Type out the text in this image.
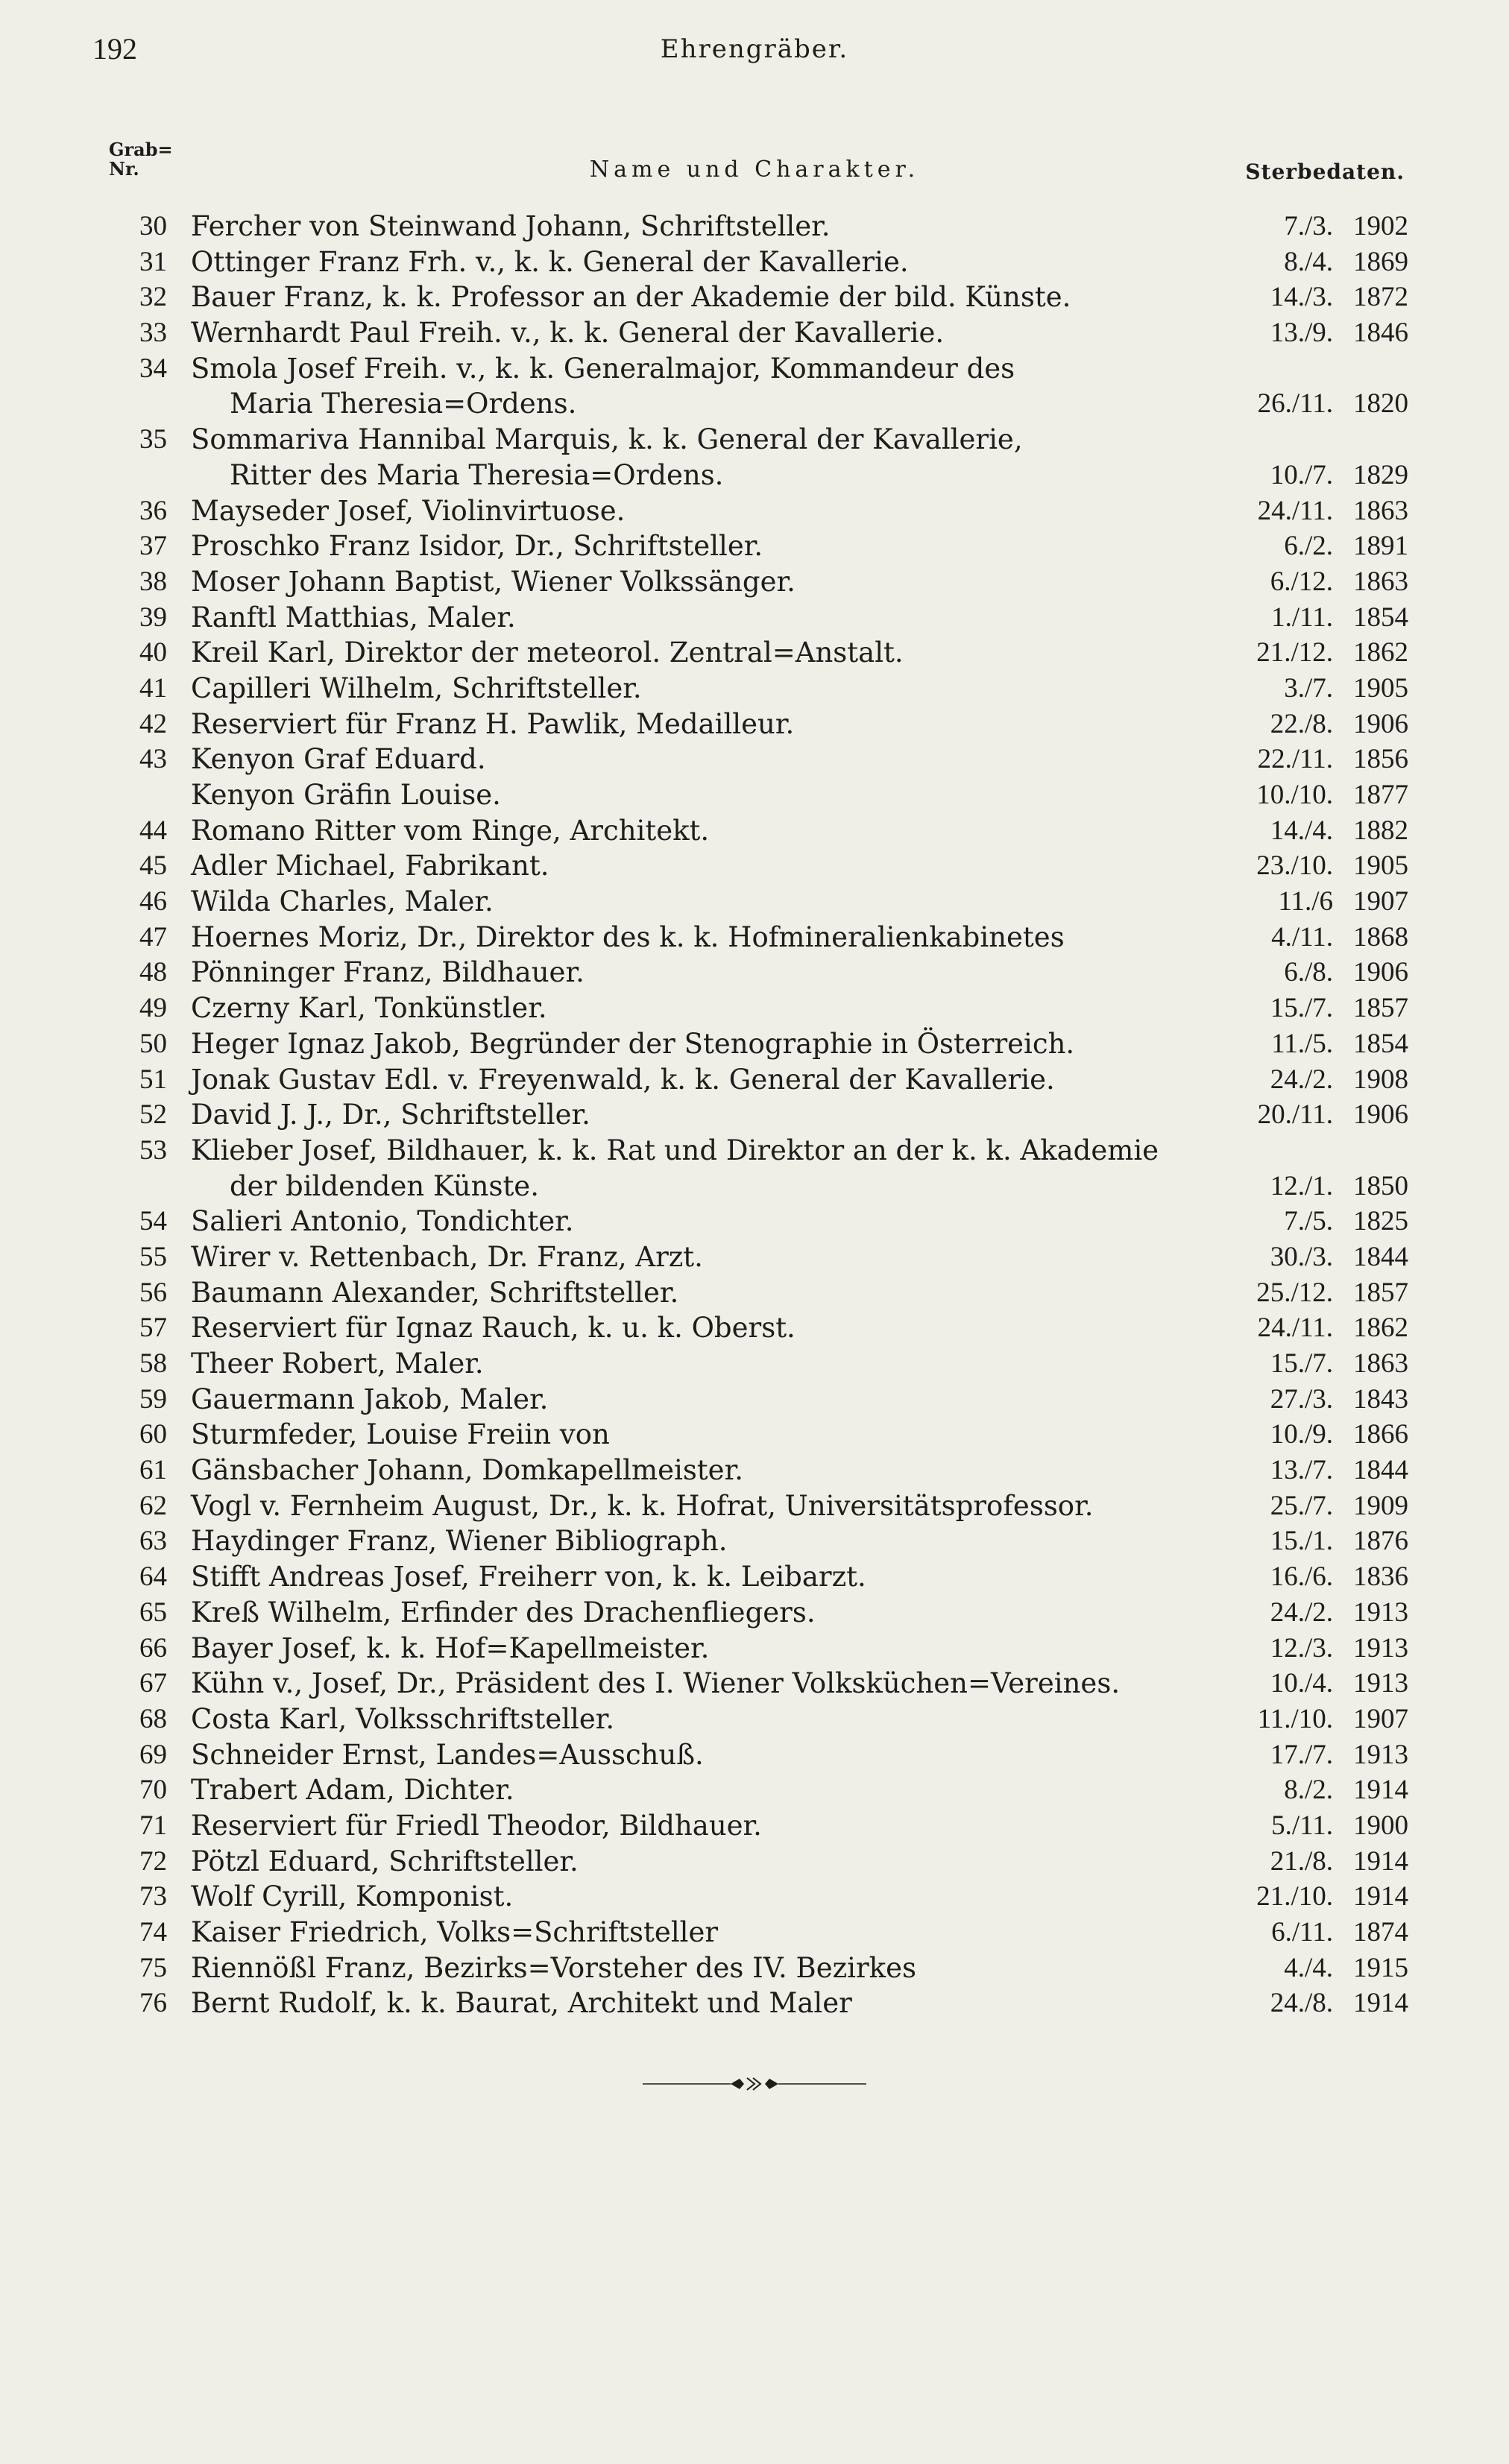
192	Ehrengräber.
Grab=
Nr.	Name und Charakter.	Sterbedaten.
30 Fercher von Steinwand Johann, Schriftsteller.	7./3. 1902
31 Ottinger Franz Frh. v., k. k. General der Kavallerie.	8./4. 1869
32 Bauer Franz, k. k. Professor an der Akademie der bild. Künste.	14./3. 1872
33 Wernhardt Paul Freih. v., k. k. General der Kavallerie.	13./9. 1846
34 Smola Josef Freih. v., k. k. Generalmajor, Kommandeur des
Maria Theresia=Ordens.	26./11. 1820
35 Sommariva Hannibal Marquis, k. k. General der Kavallerie,
Ritter des Maria Theresia=Ordens.	10./7. 1829
36 Mayseder Josef, Violinvirtuose.	24./11. 1863
37 Proschko Franz Isidor, Dr., Schriftsteller.	6./2. 1891
38 Moser Johann Baptist, Wiener Volkssänger.	6./12. 1863
39 Ranftl Matthias, Maler.	1./11. 1854
40 Kreil Karl, Direktor der meteorol. Zentral=Anstalt.	21./12. 1862
41 Capilleri Wilhelm, Schriftsteller.	3./7. 1905
42 Reserviert für Franz H. Pawlik, Medailleur.	22./8. 1906
43 Kenyon Graf Eduard.	22./11. 1856
Kenyon Gräfin Louise.	10./10. 1877
44 Romano Ritter vom Ringe, Architekt.	14./4. 1882
45 Adler Michael, Fabrikant.	23./10. 1905
46 Wilda Charles, Maler.	11./6 1907
47 Hoernes Moriz, Dr., Direktor des k. k. Hofmineralienkabinetes	4./11. 1868
48 Pönninger Franz, Bildhauer.	6./8. 1906
49 Czerny Karl, Tonkünstler.	15./7. 1857
50 Heger Ignaz Jakob, Begründer der Stenographie in Österreich.	11./5. 1854
51 Jonak Gustav Edl. v. Freyenwald, k. k. General der Kavallerie.	24./2. 1908
52 David J. J., Dr., Schriftsteller.	20./11. 1906
53 Klieber Josef, Bildhauer, k. k. Rat und Direktor an der k. k. Akademie
der bildenden Künste.	12./1. 1850
54 Salieri Antonio, Tondichter.	7./5. 1825
55 Wirer v. Rettenbach, Dr. Franz, Arzt.	30./3. 1844
56 Baumann Alexander, Schriftsteller.	25./12. 1857
57 Reserviert für Ignaz Rauch, k. u. k. Oberst.	24./11. 1862
58 Theer Robert, Maler.	15./7. 1863
59 Gauermann Jakob, Maler.	27./3. 1843
60 Sturmfeder, Louise Freiin von	10./9. 1866
61 Gänsbacher Johann, Domkapellmeister.	13./7. 1844
62 Vogl v. Fernheim August, Dr., k. k. Hofrat, Universitätsprofessor.	25./7. 1909
63 Haydinger Franz, Wiener Bibliograph.	15./1. 1876
64 Stifft Andreas Josef, Freiherr von, k. k. Leibarzt.	16./6. 1836
65 Kreß Wilhelm, Erfinder des Drachenfliegers.	24./2. 1913
66 Bayer Josef, k. k. Hof=Kapellmeister.	12./3. 1913
67 Kühn v., Josef, Dr., Präsident des I. Wiener Volksküchen=Vereines.	10./4. 1913
68 Costa Karl, Volksschriftsteller.	11./10. 1907
69 Schneider Ernst, Landes=Ausschuß.	17./7. 1913
70 Trabert Adam, Dichter.	8./2. 1914
71 Reserviert für Friedl Theodor, Bildhauer.	5./11. 1900
72 Pötzl Eduard, Schriftsteller.	21./8. 1914
73 Wolf Cyrill, Komponist.	21./10. 1914
74 Kaiser Friedrich, Volks=Schriftsteller	6./11. 1874
75 Riennößl Franz, Bezirks=Vorsteher des IV. Bezirkes	4./4. 1915
76 Bernt Rudolf, k. k. Baurat, Architekt und Maler	24./8. 1914
